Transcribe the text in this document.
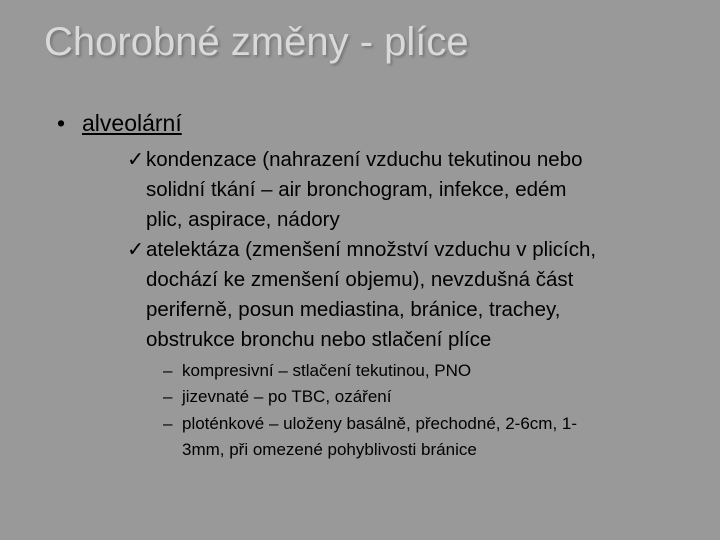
Chorobné změny - plíce
• alveolární
✓ kondenzace (nahrazení vzduchu tekutinou nebo
solidní tkání – air bronchogram, infekce, edém
plic, aspirace, nádory
✓ atelektáza (zmenšení množství vzduchu v plicích,
dochází ke zmenšení objemu), nevzdušná část
periferně, posun mediastina, bránice, trachey,
obstrukce bronchu nebo stlačení plíce
– kompresivní – stlačení tekutinou, PNO
– jizevnaté – po TBC, ozáření
– ploténkové – uloženy basálně, přechodné, 2-6cm, 1-
3mm, při omezené pohyblivosti bránice
